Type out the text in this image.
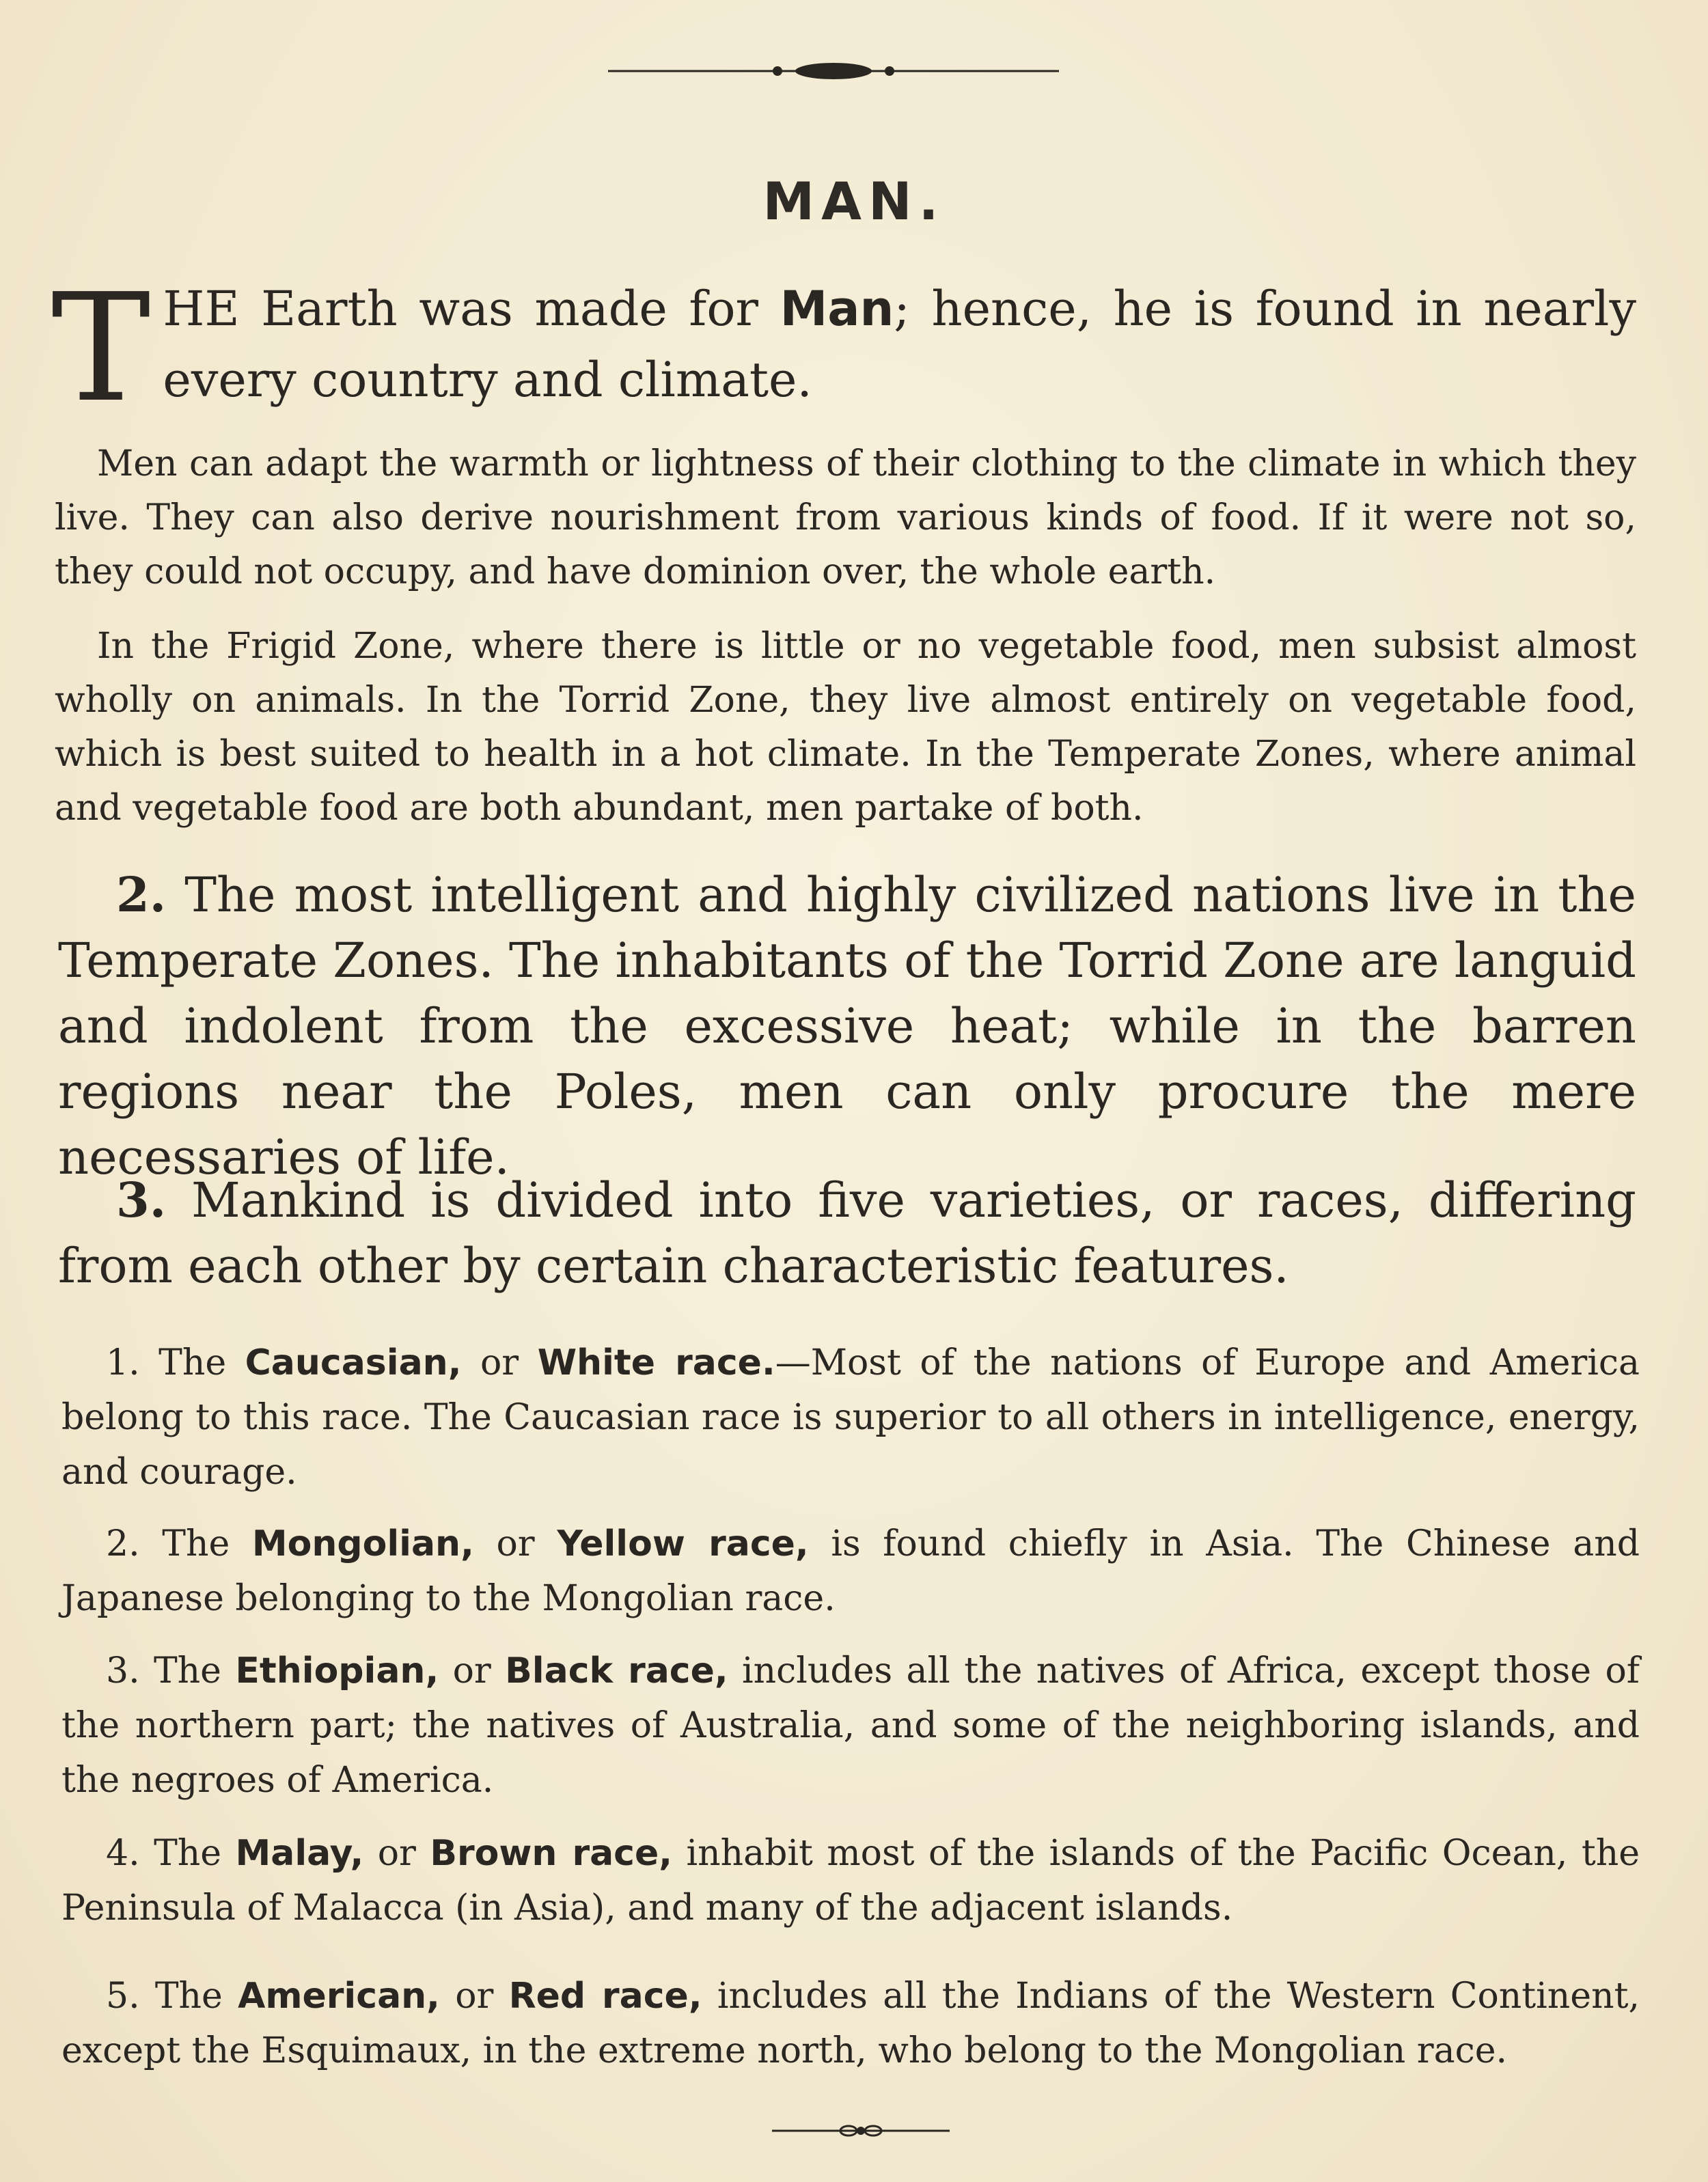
MAN.
THE Earth was made for Man; hence, he is found in nearly every country and climate.
Men can adapt the warmth or lightness of their clothing to the climate in which they live. They can also derive nourishment from various kinds of food. If it were not so, they could not occupy, and have dominion over, the whole earth.
In the Frigid Zone, where there is little or no vegetable food, men subsist almost wholly on animals. In the Torrid Zone, they live almost entirely on vegetable food, which is best suited to health in a hot climate. In the Temperate Zones, where animal and vegetable food are both abundant, men partake of both.
2. The most intelligent and highly civilized nations live in the Temperate Zones. The inhabitants of the Torrid Zone are languid and indolent from the excessive heat; while in the barren regions near the Poles, men can only procure the mere necessaries of life.
3. Mankind is divided into five varieties, or races, differing from each other by certain characteristic features.
1. The Caucasian, or White race.—Most of the nations of Europe and America belong to this race. The Caucasian race is superior to all others in intelligence, energy, and courage.
2. The Mongolian, or Yellow race, is found chiefly in Asia. The Chinese and Japanese belonging to the Mongolian race.
3. The Ethiopian, or Black race, includes all the natives of Africa, except those of the northern part; the natives of Australia, and some of the neighboring islands, and the negroes of America.
4. The Malay, or Brown race, inhabit most of the islands of the Pacific Ocean, the Peninsula of Malacca (in Asia), and many of the adjacent islands.
5. The American, or Red race, includes all the Indians of the Western Continent, except the Esquimaux, in the extreme north, who belong to the Mongolian race.
